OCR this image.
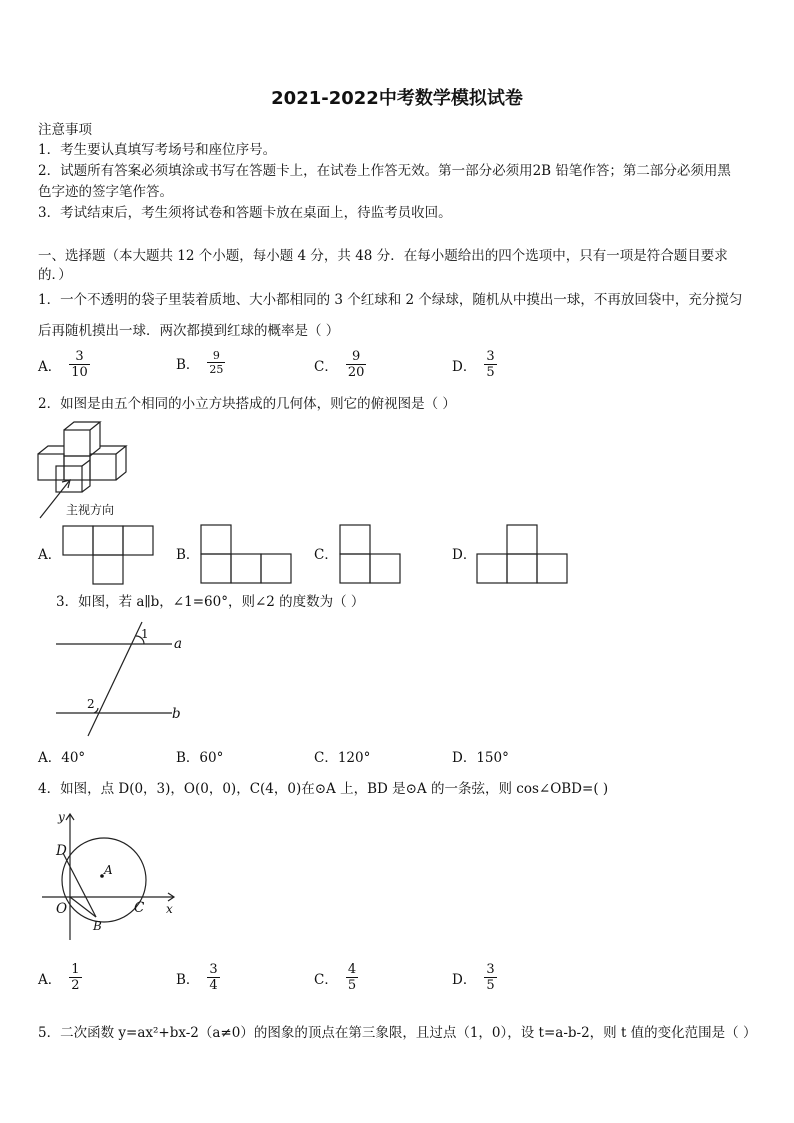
2021-2022中考数学模拟试卷
注意事项
1．考生要认真填写考场号和座位序号。
2．试题所有答案必须填涂或书写在答题卡上，在试卷上作答无效。第一部分必须用2B 铅笔作答；第二部分必须用黑
色字迹的签字笔作答。
3．考试结束后，考生须将试卷和答题卡放在桌面上，待监考员收回。
一、选择题（本大题共 12 个小题，每小题 4 分，共 48 分．在每小题给出的四个选项中，只有一项是符合题目要求
的．）
1．一个不透明的袋子里装着质地、大小都相同的 3 个红球和 2 个绿球，随机从中摸出一球，不再放回袋中，充分搅匀
后再随机摸出一球．两次都摸到红球的概率是（ ）
A． $\frac{3}{10}$	B． $\frac{9}{25}$	C． $\frac{9}{20}$	D． $\frac{3}{5}$
2．如图是由五个相同的小立方块搭成的几何体，则它的俯视图是（ ）
主视方向
A．	B．	C．	D．
3．如图，若 a∥b，∠1=60°，则∠2 的度数为（ ）
1
2
a
b
A．40°	B．60°	C．120°	D．150°
4．如图，点 D(0，3)，O(0，0)，C(4，0)在⊙A 上，BD 是⊙A 的一条弦，则 cos∠OBD=( )
y
x
D
O
A
B
C
A． $\frac{1}{2}$	B． $\frac{3}{4}$	C． $\frac{4}{5}$	D． $\frac{3}{5}$
5．二次函数 y=ax²+bx-2（a≠0）的图象的顶点在第三象限，且过点（1，0），设 t=a-b-2，则 t 值的变化范围是（ ）
